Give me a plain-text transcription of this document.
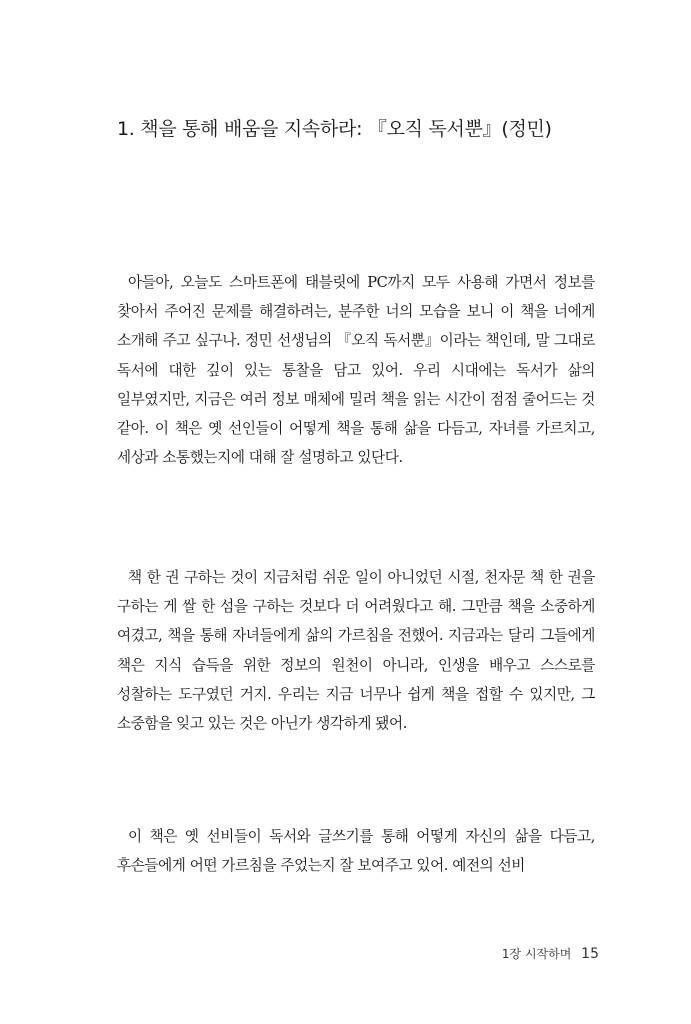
1. 책을 통해 배움을 지속하라: 『오직 독서뿐』(정민)

아들아, 오늘도 스마트폰에 태블릿에 PC까지 모두 사용해 가면서 정보를 찾아서 주어진 문제를 해결하려는, 분주한 너의 모습을 보니 이 책을 너에게 소개해 주고 싶구나. 정민 선생님의 『오직 독서뿐』이라는 책인데, 말 그대로 독서에 대한 깊이 있는 통찰을 담고 있어. 우리 시대에는 독서가 삶의 일부였지만, 지금은 여러 정보 매체에 밀려 책을 읽는 시간이 점점 줄어드는 것 같아. 이 책은 옛 선인들이 어떻게 책을 통해 삶을 다듬고, 자녀를 가르치고, 세상과 소통했는지에 대해 잘 설명하고 있단다.

책 한 권 구하는 것이 지금처럼 쉬운 일이 아니었던 시절, 천자문 책 한 권을 구하는 게 쌀 한 섬을 구하는 것보다 더 어려웠다고 해. 그만큼 책을 소중하게 여겼고, 책을 통해 자녀들에게 삶의 가르침을 전했어. 지금과는 달리 그들에게 책은 지식 습득을 위한 정보의 원천이 아니라, 인생을 배우고 스스로를 성찰하는 도구였던 거지. 우리는 지금 너무나 쉽게 책을 접할 수 있지만, 그 소중함을 잊고 있는 것은 아닌가 생각하게 됐어.

이 책은 옛 선비들이 독서와 글쓰기를 통해 어떻게 자신의 삶을 다듬고, 후손들에게 어떤 가르침을 주었는지 잘 보여주고 있어. 예전의 선비

1장 시작하며 15
